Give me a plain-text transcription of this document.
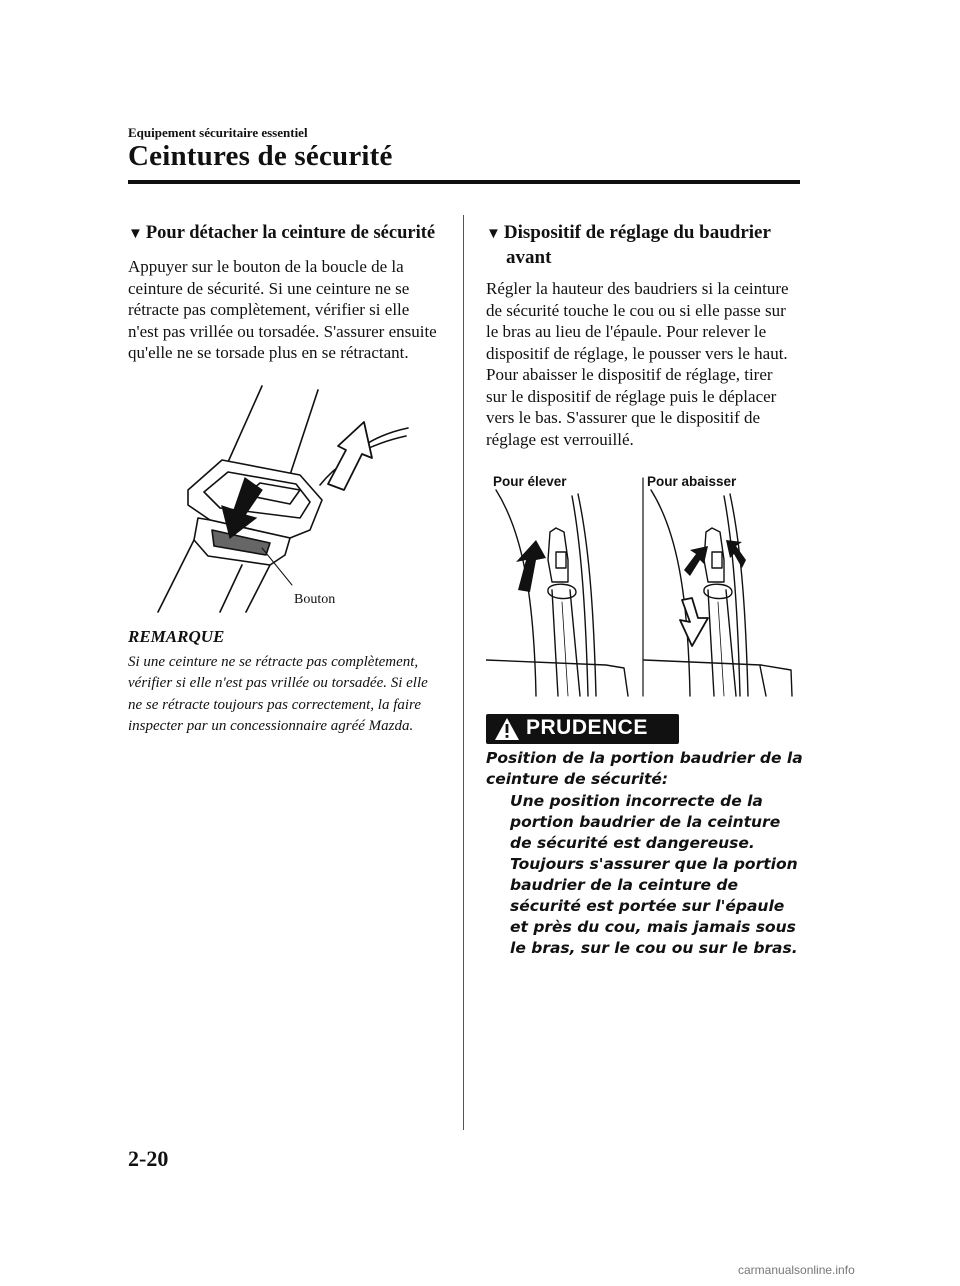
Equipement sécuritaire essentiel
Ceintures de sécurité
▼ Pour détacher la ceinture de sécurité
Appuyer sur le bouton de la boucle de la ceinture de sécurité. Si une ceinture ne se rétracte pas complètement, vérifier si elle n'est pas vrillée ou torsadée. S'assurer ensuite qu'elle ne se torsade plus en se rétractant.
Bouton
REMARQUE
Si une ceinture ne se rétracte pas complètement, vérifier si elle n'est pas vrillée ou torsadée. Si elle ne se rétracte toujours pas correctement, la faire inspecter par un concessionnaire agréé Mazda.
▼ Dispositif de réglage du baudrier
avant
Régler la hauteur des baudriers si la ceinture de sécurité touche le cou ou si elle passe sur le bras au lieu de l'épaule. Pour relever le dispositif de réglage, le pousser vers le haut. Pour abaisser le dispositif de réglage, tirer sur le dispositif de réglage puis le déplacer vers le bas. S'assurer que le dispositif de réglage est verrouillé.
Pour élever	Pour abaisser
PRUDENCE
Position de la portion baudrier de la ceinture de sécurité:
Une position incorrecte de la portion baudrier de la ceinture de sécurité est dangereuse. Toujours s'assurer que la portion baudrier de la ceinture de sécurité est portée sur l'épaule et près du cou, mais jamais sous le bras, sur le cou ou sur le bras.
2-20
carmanualsonline.info
